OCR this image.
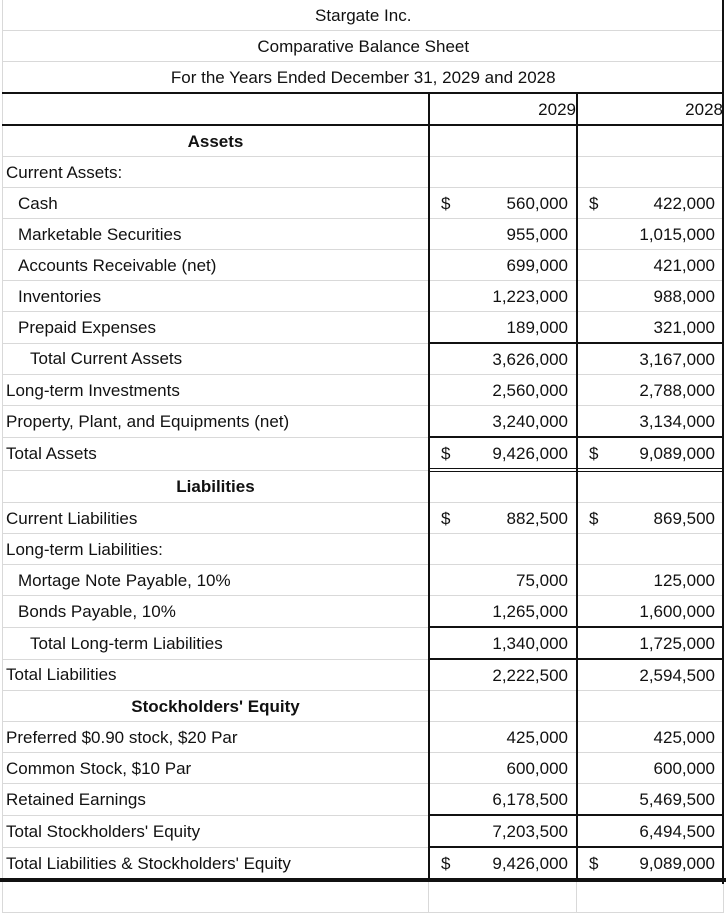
Stargate Inc.		
Comparative Balance Sheet		
For the Years Ended December 31, 2029 and 2028		
	2029	2028
Assets		
Current Assets:		
Cash	$ 560,000	$ 422,000

Marketable Securities	955,000	1,015,000

Accounts Receivable (net)	699,000	421,000

Inventories	1,223,000	988,000

Prepaid Expenses	189,000	321,000

Total Current Assets	3,626,000	3,167,000

Long-term Investments	2,560,000	2,788,000

Property, Plant, and Equipments (net)	3,240,000	3,134,000

Total Assets	$ 9,426,000	$ 9,089,000

Liabilities		
Current Liabilities	$ 882,500	$ 869,500

Long-term Liabilities:		
Mortage Note Payable, 10%	75,000	125,000

Bonds Payable, 10%	1,265,000	1,600,000

Total Long-term Liabilities	1,340,000	1,725,000

Total Liabilities	2,222,500	2,594,500

Stockholders' Equity		
Preferred $0.90 stock, $20 Par	425,000	425,000

Common Stock, $10 Par	600,000	600,000

Retained Earnings	6,178,500	5,469,500

Total Stockholders' Equity	7,203,500	6,494,500

Total Liabilities & Stockholders' Equity	$ 9,426,000	$ 9,089,000
